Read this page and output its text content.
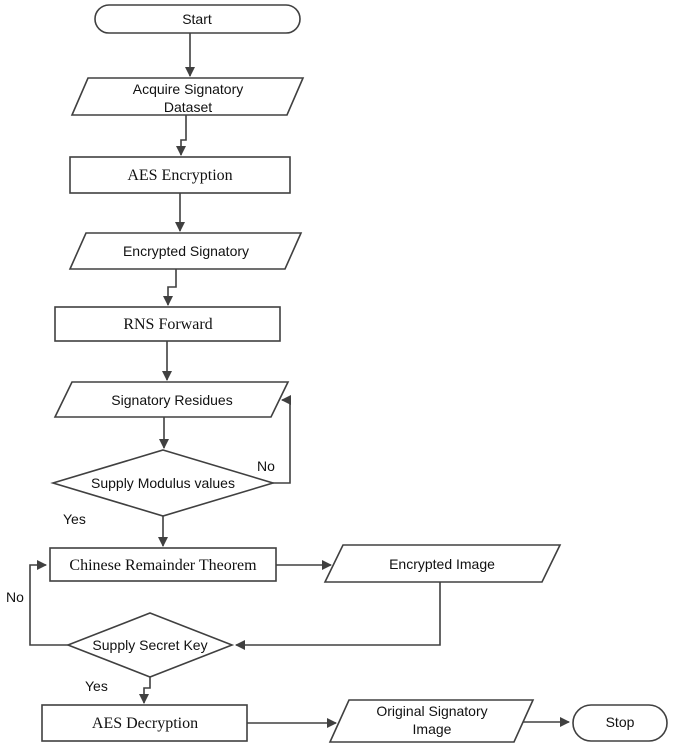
No
Yes
No
Yes
Start
Acquire Signatory
Dataset
AES Encryption
Encrypted Signatory
RNS Forward
Signatory Residues
Supply Modulus values
Chinese Remainder Theorem	Encrypted Image
Supply Secret Key
AES Decryption
Original Signatory
Image	Stop
